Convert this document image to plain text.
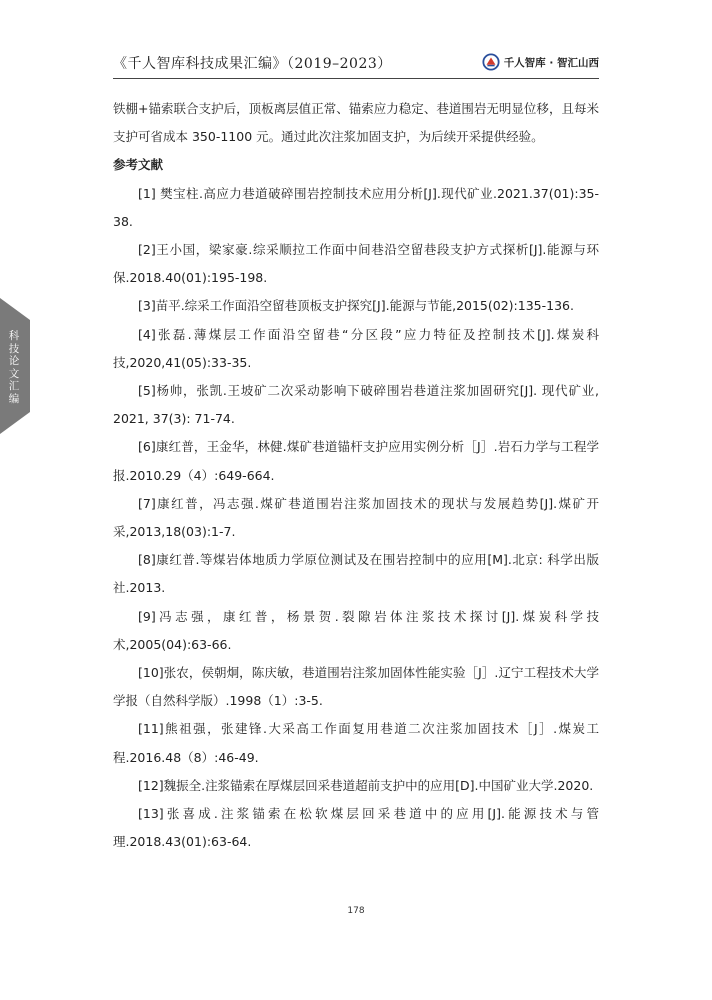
《千人智库科技成果汇编》（2019–2023）	千人智库 · 智汇山西
科技论文汇编

铁棚+锚索联合支护后，顶板离层值正常、锚索应力稳定、巷道围岩无明显位移，且每米支护可省成本 350-1100 元。通过此次注浆加固支护，为后续开采提供经验。

参考文献

[1] 樊宝柱.高应力巷道破碎围岩控制技术应用分析[J].现代矿业.2021.37(01):35-38.

[2]王小国，梁家豪.综采顺拉工作面中间巷沿空留巷段支护方式探析[J].能源与环保.2018.40(01):195-198.

[3]苗平.综采工作面沿空留巷顶板支护探究[J].能源与节能,2015(02):135-136.

[4]张磊.薄煤层工作面沿空留巷“分区段”应力特征及控制技术[J].煤炭科技,2020,41(05):33-35.

[5]杨帅，张凯.王坡矿二次采动影响下破碎围岩巷道注浆加固研究[J]. 现代矿业, 2021, 37(3): 71-74.

[6]康红普，王金华，林健.煤矿巷道锚杆支护应用实例分析［J］.岩石力学与工程学报.2010.29（4）:649-664.

[7]康红普，冯志强.煤矿巷道围岩注浆加固技术的现状与发展趋势[J].煤矿开采,2013,18(03):1-7.

[8]康红普.等煤岩体地质力学原位测试及在围岩控制中的应用[M].北京: 科学出版社.2013.

[9]冯志强，康红普，杨景贺.裂隙岩体注浆技术探讨[J].煤炭科学技术,2005(04):63-66.

[10]张农，侯朝炯，陈庆敏，巷道围岩注浆加固体性能实验［J］.辽宁工程技术大学学报（自然科学版）.1998（1）:3-5.

[11]熊祖强，张建锋.大采高工作面复用巷道二次注浆加固技术［J］.煤炭工程.2016.48（8）:46-49.

[12]魏振全.注浆锚索在厚煤层回采巷道超前支护中的应用[D].中国矿业大学.2020.

[13]张喜成.注浆锚索在松软煤层回采巷道中的应用[J].能源技术与管理.2018.43(01):63-64.

178
